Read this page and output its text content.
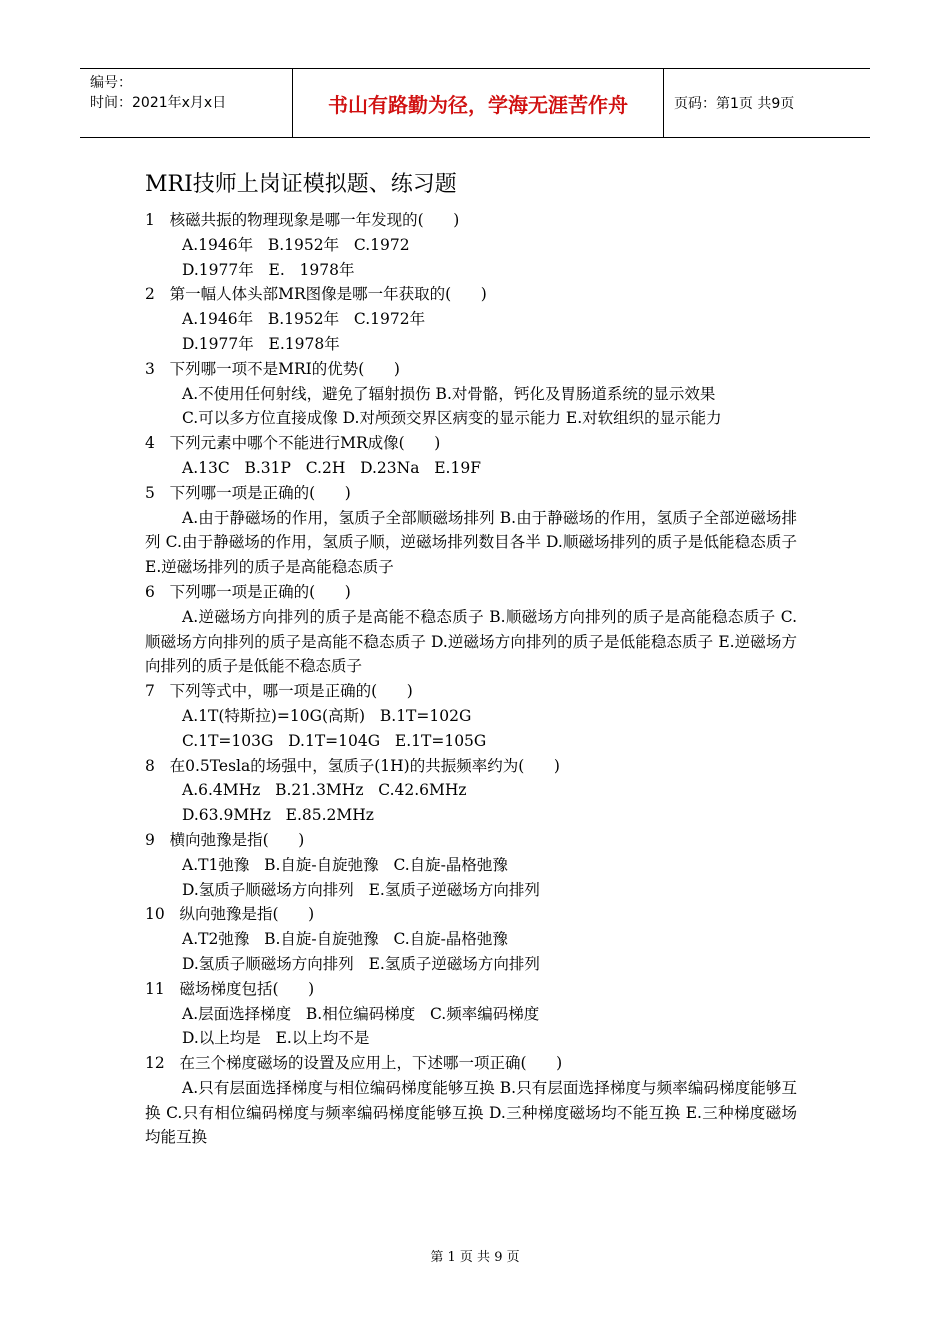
编号：
时间：2021年x月x日	书山有路勤为径，学海无涯苦作舟	页码：第1页 共9页
MRI技师上岗证模拟题、练习题
1   核磁共振的物理现象是哪一年发现的(      )
A.1946年   B.1952年   C.1972
D.1977年   E.   1978年
2   第一幅人体头部MR图像是哪一年获取的(      )
A.1946年   B.1952年   C.1972年
D.1977年   E.1978年
3   下列哪一项不是MRI的优势(      )
A.不使用任何射线，避免了辐射损伤 B.对骨骼，钙化及胃肠道系统的显示效果
C.可以多方位直接成像 D.对颅颈交界区病变的显示能力 E.对软组织的显示能力
4   下列元素中哪个不能进行MR成像(      )
A.13C   B.31P   C.2H   D.23Na   E.19F
5   下列哪一项是正确的(      )
A.由于静磁场的作用，氢质子全部顺磁场排列 B.由于静磁场的作用，氢质子全部逆磁场排列 C.由于静磁场的作用，氢质子顺，逆磁场排列数目各半 D.顺磁场排列的质子是低能稳态质子 E.逆磁场排列的质子是高能稳态质子
6   下列哪一项是正确的(      )
A.逆磁场方向排列的质子是高能不稳态质子 B.顺磁场方向排列的质子是高能稳态质子 C.顺磁场方向排列的质子是高能不稳态质子 D.逆磁场方向排列的质子是低能稳态质子 E.逆磁场方向排列的质子是低能不稳态质子
7   下列等式中，哪一项是正确的(      )
A.1T(特斯拉)=10G(高斯)   B.1T=102G
C.1T=103G   D.1T=104G   E.1T=105G
8   在0.5Tesla的场强中，氢质子(1H)的共振频率约为(      )
A.6.4MHz   B.21.3MHz   C.42.6MHz
D.63.9MHz   E.85.2MHz
9   横向弛豫是指(      )
A.T1弛豫   B.自旋-自旋弛豫   C.自旋-晶格弛豫
D.氢质子顺磁场方向排列   E.氢质子逆磁场方向排列
10   纵向弛豫是指(      )
A.T2弛豫   B.自旋-自旋弛豫   C.自旋-晶格弛豫
D.氢质子顺磁场方向排列   E.氢质子逆磁场方向排列
11   磁场梯度包括(      )
A.层面选择梯度   B.相位编码梯度   C.频率编码梯度
D.以上均是   E.以上均不是
12   在三个梯度磁场的设置及应用上，下述哪一项正确(      )
A.只有层面选择梯度与相位编码梯度能够互换 B.只有层面选择梯度与频率编码梯度能够互换 C.只有相位编码梯度与频率编码梯度能够互换 D.三种梯度磁场均不能互换 E.三种梯度磁场均能互换
第 1 页 共 9 页
